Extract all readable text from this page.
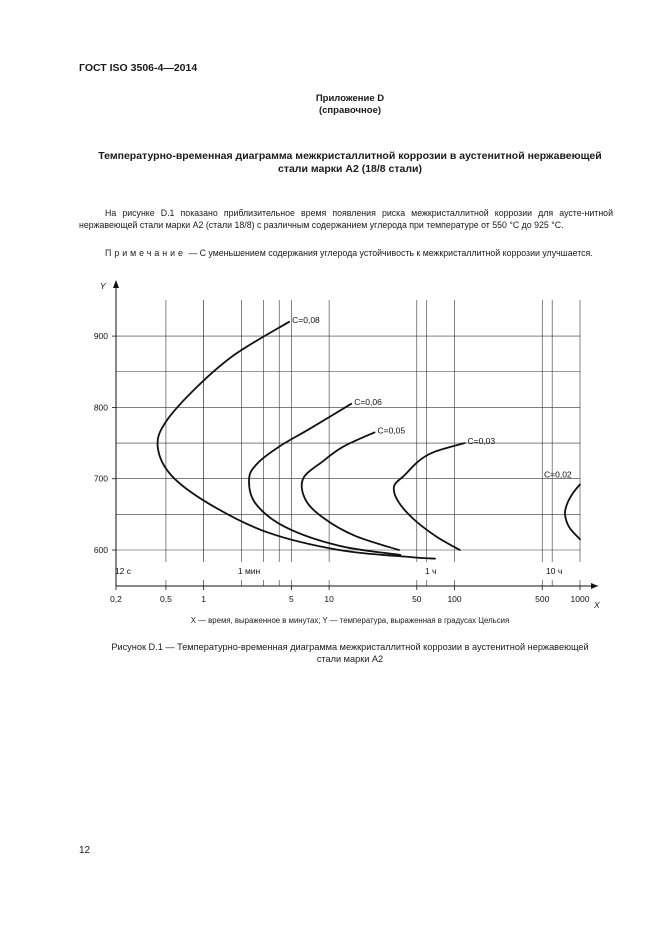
ГОСТ ISO 3506-4—2014
Приложение D
(справочное)
Температурно-временная диаграмма межкристаллитной коррозии в аустенитной нержавеющей
стали марки А2 (18/8 стали)
На рисунке D.1 показано приблизительное время появления риска межкристаллитной коррозии для аусте-нитной нержавеющей стали марки А2 (стали 18/8) с различным содержанием углерода при температуре от 550 °С до 925 °С.
Примечание — С уменьшением содержания углерода устойчивость к межкристаллитной коррозии улучшается.
0,2	0,5	1	5	10	50	100	500 1000
600
700
800
900
X
Y
12 с	1 мин	1 ч	10 ч
C=0,08
C=0,06
C=0,05
C=0,03
C=0,02
X — время, выраженное в минутах; Y — температура, выраженная в градусах Цельсия
Рисунок D.1 — Температурно-временная диаграмма межкристаллитной коррозии в аустенитной нержавеющей
стали марки А2
12
